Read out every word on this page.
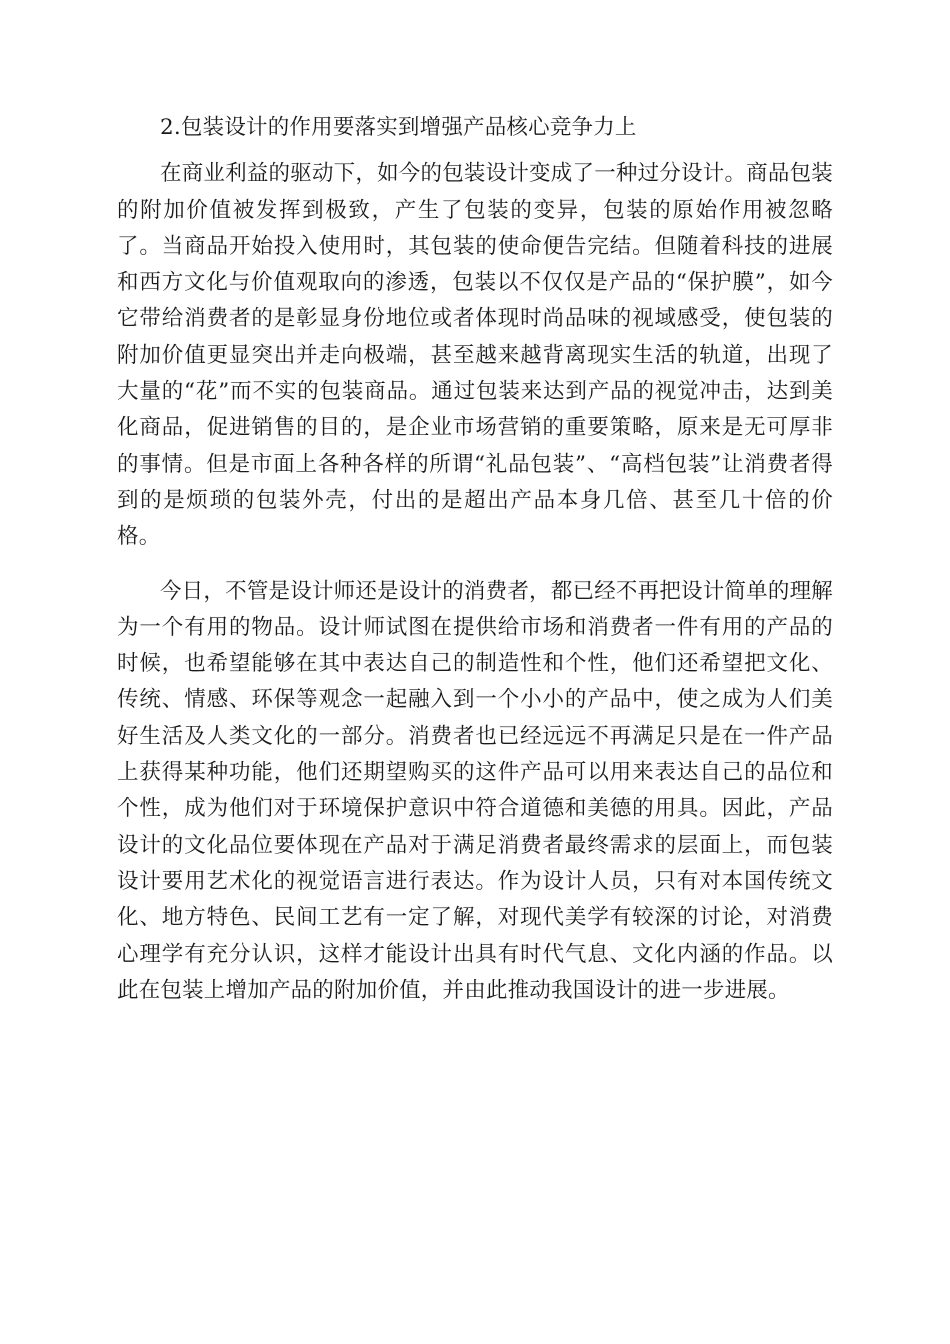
2.包装设计的作用要落实到增强产品核心竞争力上

在商业利益的驱动下，如今的包装设计变成了一种过分设计。商品包装的附加价值被发挥到极致，产生了包装的变异，包装的原始作用被忽略了。当商品开始投入使用时，其包装的使命便告完结。但随着科技的进展和西方文化与价值观取向的渗透，包装以不仅仅是产品的“保护膜”，如今它带给消费者的是彰显身份地位或者体现时尚品味的视域感受，使包装的附加价值更显突出并走向极端，甚至越来越背离现实生活的轨道，出现了大量的“花”而不实的包装商品。通过包装来达到产品的视觉冲击，达到美化商品，促进销售的目的，是企业市场营销的重要策略，原来是无可厚非的事情。但是市面上各种各样的所谓“礼品包装”、“高档包装”让消费者得到的是烦琐的包装外壳，付出的是超出产品本身几倍、甚至几十倍的价格。

今日，不管是设计师还是设计的消费者，都已经不再把设计简单的理解为一个有用的物品。设计师试图在提供给市场和消费者一件有用的产品的时候，也希望能够在其中表达自己的制造性和个性，他们还希望把文化、传统、情感、环保等观念一起融入到一个小小的产品中，使之成为人们美好生活及人类文化的一部分。消费者也已经远远不再满足只是在一件产品上获得某种功能，他们还期望购买的这件产品可以用来表达自己的品位和个性，成为他们对于环境保护意识中符合道德和美德的用具。因此，产品设计的文化品位要体现在产品对于满足消费者最终需求的层面上，而包装设计要用艺术化的视觉语言进行表达。作为设计人员，只有对本国传统文化、地方特色、民间工艺有一定了解，对现代美学有较深的讨论，对消费心理学有充分认识，这样才能设计出具有时代气息、文化内涵的作品。以此在包装上增加产品的附加价值，并由此推动我国设计的进一步进展。
